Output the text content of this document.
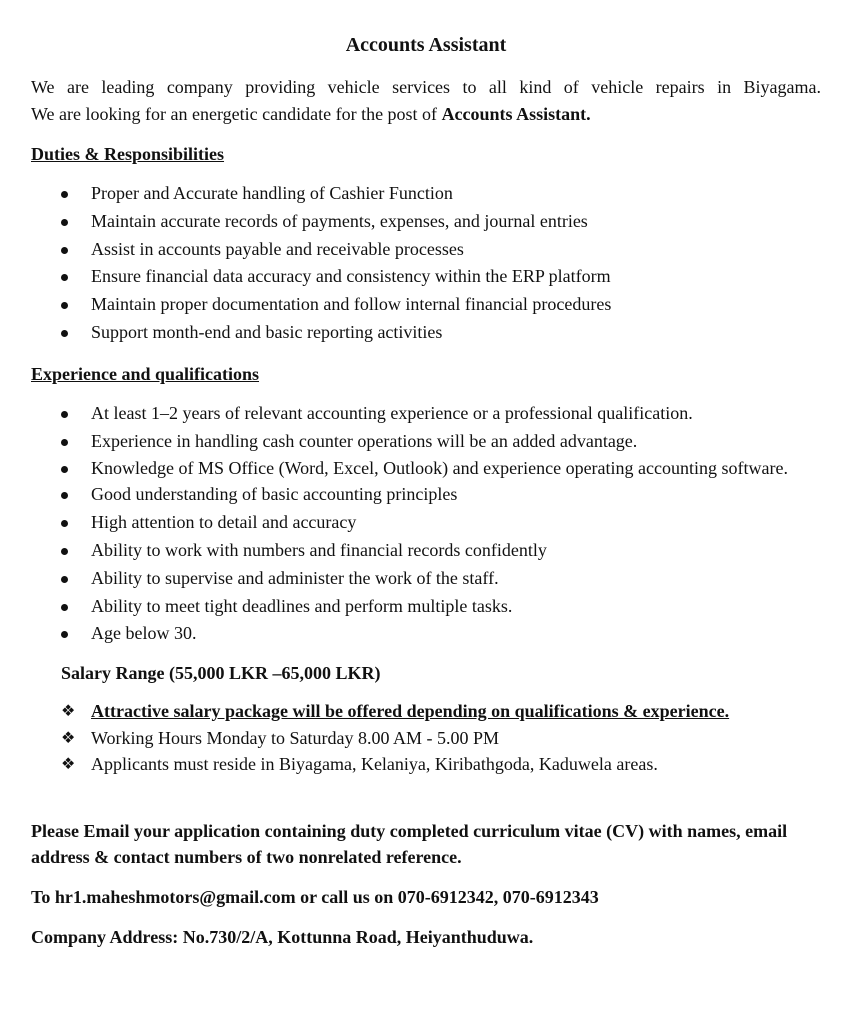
Accounts Assistant

We are leading company providing vehicle services to all kind of vehicle repairs in Biyagama.
We are looking for an energetic candidate for the post of Accounts Assistant.

Duties & Responsibilities

Proper and Accurate handling of Cashier Function
Maintain accurate records of payments, expenses, and journal entries
Assist in accounts payable and receivable processes
Ensure financial data accuracy and consistency within the ERP platform
Maintain proper documentation and follow internal financial procedures
Support month-end and basic reporting activities

Experience and qualifications

At least 1–2 years of relevant accounting experience or a professional qualification.
Experience in handling cash counter operations will be an added advantage.
Knowledge of MS Office (Word, Excel, Outlook) and experience operating accounting software.
Good understanding of basic accounting principles
High attention to detail and accuracy
Ability to work with numbers and financial records confidently
Ability to supervise and administer the work of the staff.
Ability to meet tight deadlines and perform multiple tasks.
Age below 30.

Salary Range (55,000 LKR –65,000 LKR)

❖ Attractive salary package will be offered depending on qualifications & experience.
❖ Working Hours Monday to Saturday 8.00 AM - 5.00 PM
❖ Applicants must reside in Biyagama, Kelaniya, Kiribathgoda, Kaduwela areas.

Please Email your application containing duty completed curriculum vitae (CV) with names, email address & contact numbers of two nonrelated reference.

To hr1.maheshmotors@gmail.com or call us on 070-6912342, 070-6912343

Company Address: No.730/2/A, Kottunna Road, Heiyanthuduwa.
